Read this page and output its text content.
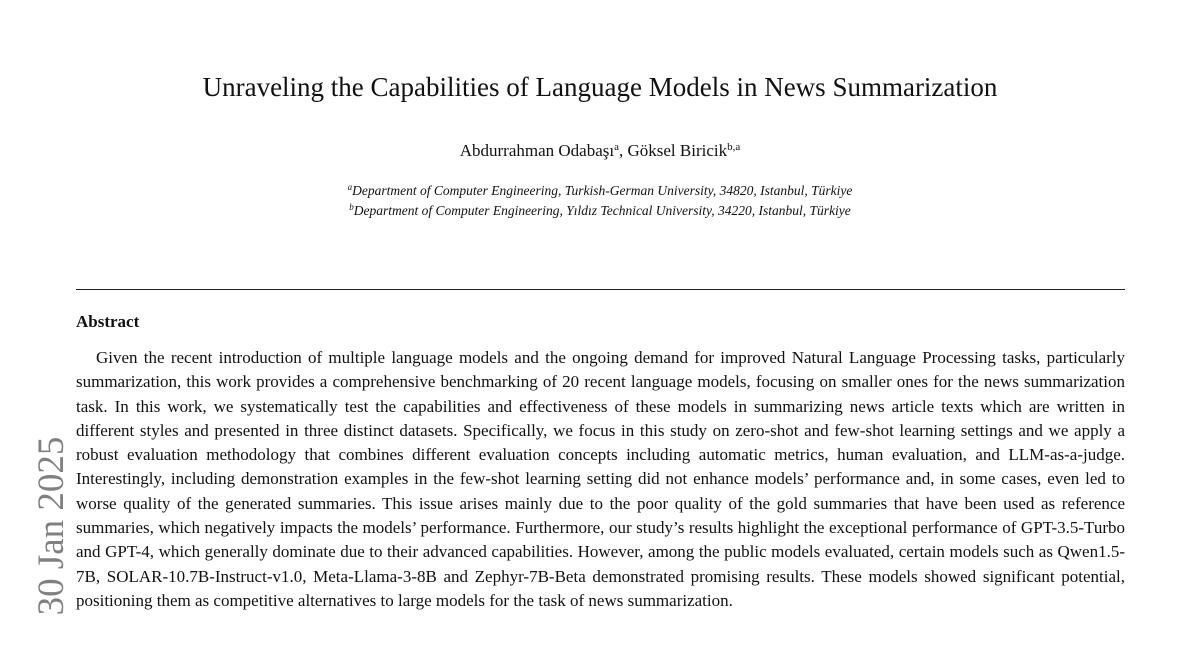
Unraveling the Capabilities of Language Models in News Summarization
Abdurrahman Odabaşı$^a$, Göksel Biricik$^{b,a}$
$^a$Department of Computer Engineering, Turkish-German University, 34820, Istanbul, Türkiye
$^b$Department of Computer Engineering, Yıldız Technical University, 34220, Istanbul, Türkiye
Abstract
Given the recent introduction of multiple language models and the ongoing demand for improved Natural Language Processing tasks, particularly summarization, this work provides a comprehensive benchmarking of 20 recent language models, focusing on smaller ones for the news summarization task. In this work, we systematically test the capabilities and effectiveness of these models in summarizing news article texts which are written in different styles and presented in three distinct datasets. Specifically, we focus in this study on zero-shot and few-shot learning settings and we apply a robust evaluation methodology that combines different evaluation concepts including automatic metrics, human evaluation, and LLM-as-a-judge. Interestingly, including demonstration examples in the few-shot learning setting did not enhance models’ performance and, in some cases, even led to worse quality of the generated summaries. This issue arises mainly due to the poor quality of the gold summaries that have been used as reference summaries, which negatively impacts the models’ performance. Furthermore, our study’s results highlight the exceptional performance of GPT-3.5-Turbo and GPT-4, which generally dominate due to their advanced capabilities. However, among the public models evaluated, certain models such as Qwen1.5-7B, SOLAR-10.7B-Instruct-v1.0, Meta-Llama-3-8B and Zephyr-7B-Beta demonstrated promising results. These models showed significant potential, positioning them as competitive alternatives to large models for the task of news summarization.
30 Jan 2025
